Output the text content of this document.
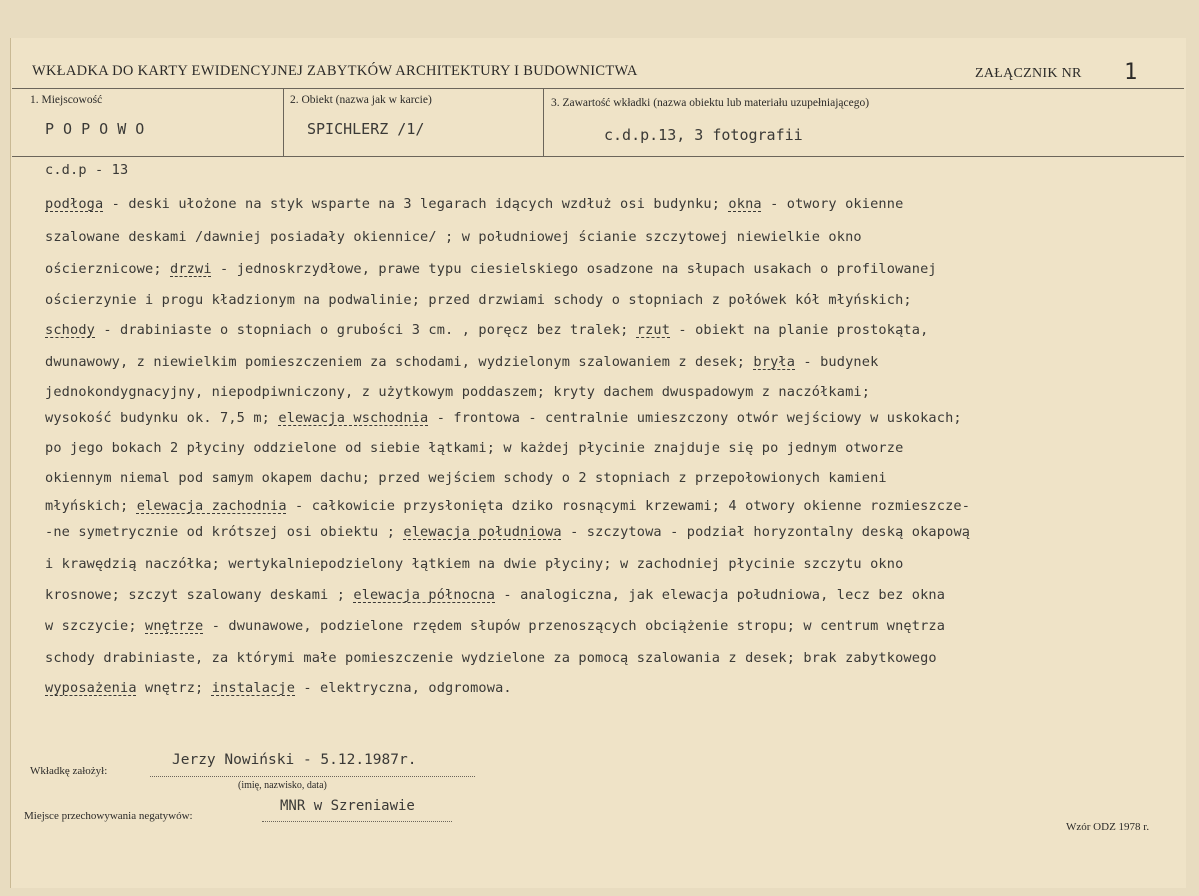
WKŁADKA DO KARTY EWIDENCYJNEJ ZABYTKÓW ARCHITEKTURY I BUDOWNICTWA	ZAŁĄCZNIK NR 1
1. Miejscowość
P O P O W O
2. Obiekt (nazwa jak w karcie)
SPICHLERZ /1/
3. Zawartość wkładki (nazwa obiektu lub materiału uzupełniającego)
c.d.p.13, 3 fotografii
c.d.p - 13
podłoga - deski ułożone na styk wsparte na 3 legarach idących wzdłuż osi budynku; okna - otwory okienne
szalowane deskami /dawniej posiadały okiennice/ ; w południowej ścianie szczytowej niewielkie okno
ościerznicowe; drzwi - jednoskrzydłowe, prawe typu ciesielskiego osadzone na słupach usakach o profilowanej
ościerzynie i progu kładzionym na podwalinie; przed drzwiami schody o stopniach z połówek kół młyńskich;
schody - drabiniaste o stopniach o grubości 3 cm. , poręcz bez tralek; rzut - obiekt na planie prostokąta,
dwunawowy, z niewielkim pomieszczeniem za schodami, wydzielonym szalowaniem z desek; bryła - budynek
jednokondygnacyjny, niepodpiwniczony, z użytkowym poddaszem; kryty dachem dwuspadowym z naczółkami;
wysokość budynku ok. 7,5 m; elewacja wschodnia - frontowa - centralnie umieszczony otwór wejściowy w uskokach;
po jego bokach 2 płyciny oddzielone od siebie łątkami; w każdej płycinie znajduje się po jednym otworze
okiennym niemal pod samym okapem dachu; przed wejściem schody o 2 stopniach z przepołowionych kamieni
młyńskich; elewacja zachodnia - całkowicie przysłonięta dziko rosnącymi krzewami; 4 otwory okienne rozmieszcze-
-ne symetrycznie od krótszej osi obiektu ; elewacja południowa - szczytowa - podział horyzontalny deską okapową
i krawędzią naczółka; wertykalniepodzielony łątkiem na dwie płyciny; w zachodniej płycinie szczytu okno
krosnowe; szczyt szalowany deskami ; elewacja północna - analogiczna, jak elewacja południowa, lecz bez okna
w szczycie; wnętrze - dwunawowe, podzielone rzędem słupów przenoszących obciążenie stropu; w centrum wnętrza
schody drabiniaste, za którymi małe pomieszczenie wydzielone za pomocą szalowania z desek; brak zabytkowego
wyposażenia wnętrz; instalacje - elektryczna, odgromowa.
Wkładkę założył:
Jerzy Nowiński - 5.12.1987r.
(imię, nazwisko, data)
Miejsce przechowywania negatywów:
MNR w Szreniawie
Wzór ODZ 1978 r.
